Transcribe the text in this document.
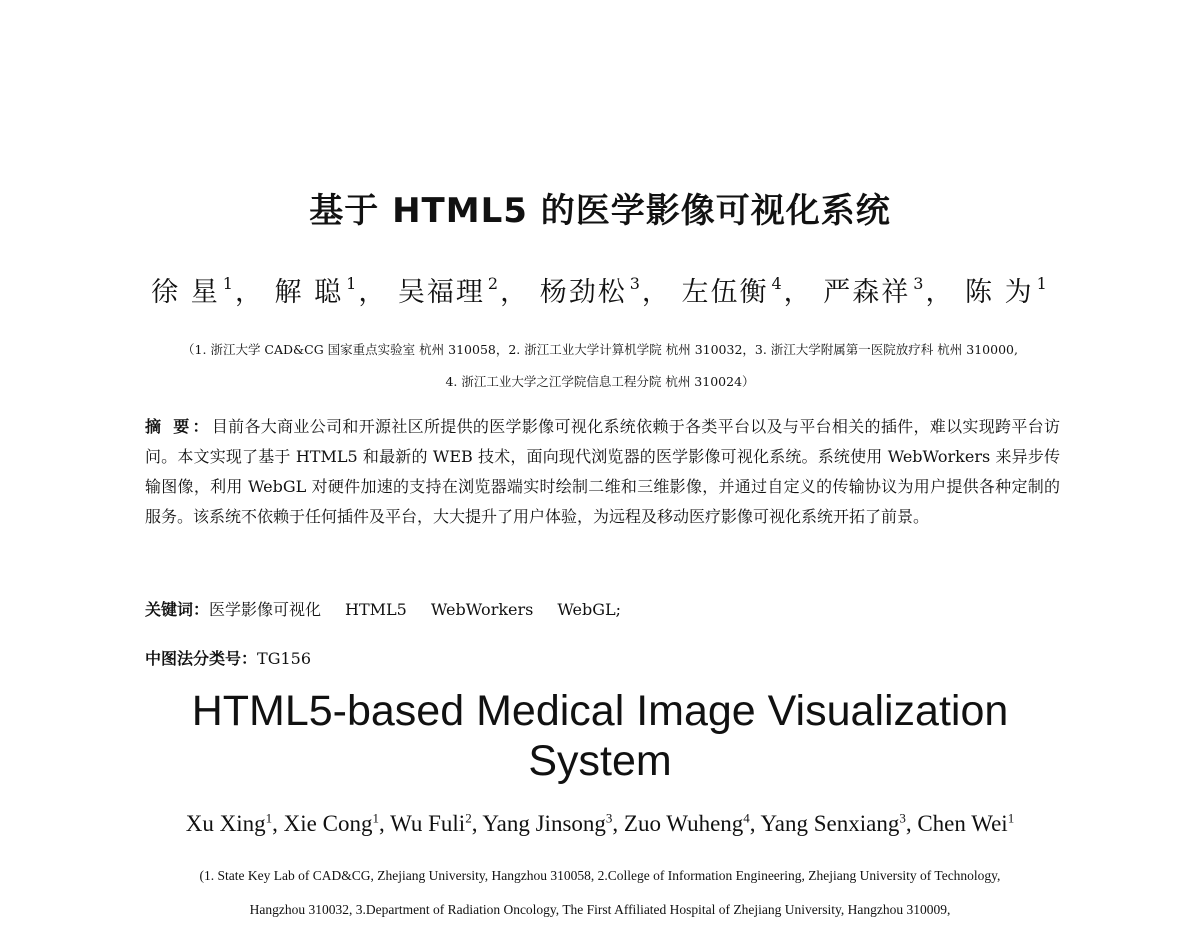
基于 HTML5 的医学影像可视化系统
徐 星 $^1$， 解 聪 $^1$， 吴福理 $^2$， 杨劲松 $^3$， 左伍衡 $^4$， 严森祥 $^3$， 陈 为 $^1$
（1. 浙江大学 CAD&CG 国家重点实验室 杭州 310058，2. 浙江工业大学计算机学院 杭州 310032，3. 浙江大学附属第一医院放疗科 杭州 310000,
4. 浙江工业大学之江学院信息工程分院 杭州 310024）
摘 要：目前各大商业公司和开源社区所提供的医学影像可视化系统依赖于各类平台以及与平台相关的插件，难以实现跨平台访问。本文实现了基于 HTML5 和最新的 WEB 技术，面向现代浏览器的医学影像可视化系统。系统使用 WebWorkers 来异步传输图像，利用 WebGL 对硬件加速的支持在浏览器端实时绘制二维和三维影像，并通过自定义的传输协议为用户提供各种定制的服务。该系统不依赖于任何插件及平台，大大提升了用户体验，为远程及移动医疗影像可视化系统开拓了前景。
关键词：医学影像可视化 HTML5 WebWorkers WebGL;
中图法分类号：TG156
HTML5-based Medical Image Visualization
System
Xu Xing$^1$, Xie Cong$^1$, Wu Fuli$^2$, Yang Jinsong$^3$, Zuo Wuheng$^4$, Yang Senxiang$^3$, Chen Wei$^1$
(1. State Key Lab of CAD&CG, Zhejiang University, Hangzhou 310058, 2.College of Information Engineering, Zhejiang University of Technology,
Hangzhou 310032, 3.Department of Radiation Oncology, The First Affiliated Hospital of Zhejiang University, Hangzhou 310009,
